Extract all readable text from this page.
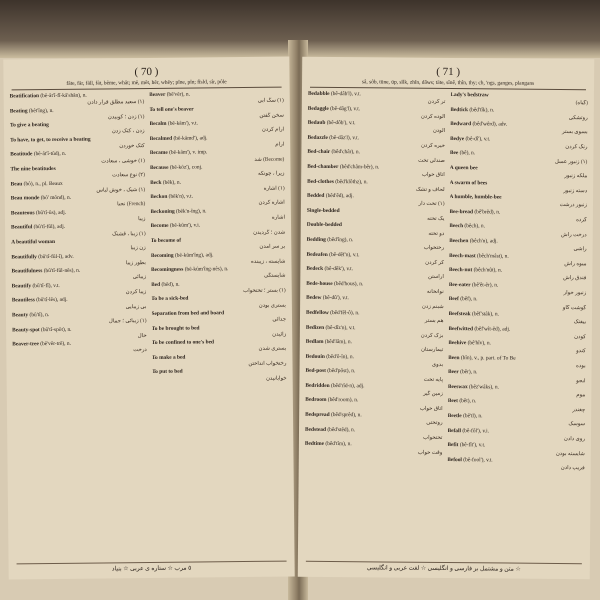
( 70 )
fâte, fâr, fâll, fât, bême, whât; mê, mêt, hêr, whêy; pîne, pîn; fîsld, sîr, pôle
Beatification (bê-ât'î-fî-kâ'shân), n.
(١) سعيد مطلق قرار دادن
Beating (bêt'îng), n.
(١) زدن ؛ کوبیدن
To give a beating
زدن ، کتک زدن
To have, to get, to receive a beating
کتک خوردن
Beatitude (bê-ât'î-tûd), n.
(١) خوشی ، سعادت
The nine beatitudes
(٢) نوع سعادت
Beau (bô), n., pl. Beaux
(١) شیک ، خوش لباس
Beau monde (bô' mônd), n.
(French) نجبا
Beauteous (bû'tî-ûs), adj.
زیبا
Beautiful (bû'tî-fûl), adj.
(١) زیبا ، قشنگ
A beautiful woman
زن زیبا
Beautifully (bû'tî-fûl-î), adv.
بطور زیبا
Beautifulness (bû'tî-fûl-nês), n.
زیبائی
Beautify (bû'tî-fî), v.t.
زیبا کردن
Beautiless (bû'tî-lês), adj.
بی زیبایی
Beauty (bû'tî), n.
(١) زیبائی ؛ جمال
Beauty-spot (bû'tî-spôt), n.
خال
Beaver-tree (bê'vêr-trê), n.
درخت
Beaver (bê'vêr), n.
(١) سگ آبی
To tell one's beaver
سخن گفتن
Becalm (bê-kâm'), v.t.
آرام کردن
Becalmed (bê-kâmd'), adj.
آرام
Became (bê-kâm'), v. imp.
(Become) شد
Because (bê-kôz'), conj.
زیرا ، چونکه
Beck (bêk), n.
(١) اشاره
Beckon (bêk'n), v.t.
اشاره کردن
Beckoning (bêk'n-îng), n.
اشاره
Become (bê-kûm'), v.i.
شدن ؛ گردیدن
To become of
بر سر آمدن
Becoming (bê-kûm'îng), adj.
شایسته ، زیبنده
Becomingness (bê-kûm'îng-nês), n.
شایستگی
Bed (bêd), n.
(١) بستر ؛ تختخواب
To be a sick-bed
بستری بودن
Separation from bed and board
جدائی
To be brought to bed
زائیدن
To be confined to one's bed
بستری شدن
To make a bed
رختخواب انداختن
To put to bed
خوابانیدن
٥ مرب ☆ ستاره ی عربی ☆ بنیاد
( 71 )
sâ, sôb, tüne, üp, sîlk, zhîn, dâws; täte, sînê, thîn, thy; ch, 'ngs, ganges, plangans
Bedabble (bê-dâb'l), v.t.
تر کردن
Bedaggle (bê-dâg'l), v.t.
آلوده کردن
Bedaub (bê-dôb'), v.t.
آلودن
Bedazzle (bê-dâz'l), v.t.
خیره کردن
Bed-chair (bêd'châr), n.
صندلی تخت
Bed-chamber (bêd'châm-bêr), n.
اتاق خواب
Bed-clothes (bêd'klôthz), n.
لحاف و تشک
Bedded (bêd'êd), adj.
(١) تخت دار
Single-bedded
یک تخته
Double-bedded
دو تخته
Bedding (bêd'îng), n.
رختخواب
Bedeafen (bê-dêf'n), v.t.
کر کردن
Bedeck (bê-dêk'), v.t.
آراستن
Bede-house (bêd'hous), n.
نوانخانه
Bedew (bê-dû'), v.t.
شبنم زدن
Bedfellow (bêd'fêl-ô), n.
هم بستر
Bedizen (bê-dîz'n), v.t.
بزک کردن
Bedlam (bêd'lâm), n.
تیمارستان
Bedouin (bêd'ô-în), n.
بدوی
Bed-post (bêd'pôst), n.
پایه تخت
Bedridden (bêd'rîd-n), adj.
زمین گیر
Bedroom (bêd'room), n.
اتاق خواب
Bedspread (bêd'sprêd), n.
روتختی
Bedstead (bêd'stêd), n.
تختخواب
Bedtime (bêd'tîm), n.
وقت خواب
Lady's bedstraw
(گیاه)
Bedtick (bêd'tîk), n.
روتشکی
Bedward (bêd'wêrd), adv.
بسوی بستر
Bedye (bê-dî'), v.t.
رنگ کردن
Bee (bê), n.
(١) زنبور عسل
A queen bee
ملکه زنبور
A swarm of bees
دسته زنبور
A humble, humble-bee
زنبور درشت
Bee-bread (bê'brêd), n.
گرده
Beech (bêch), n.
درخت راش
Beechen (bêch'n), adj.
راشی
Beech-mast (bêch'mâst), n.
میوه راش
Beech-nut (bêch'nût), n.
فندق راش
Bee-eater (bê'êt-êr), n.
زنبور خوار
Beef (bêf), n.
گوشت گاو
Beefsteak (bêf'stâk), n.
بیفتک
Beefwitted (bêf'wît-êd), adj.
کودن
Beehive (bê'hîv), n.
کندو
Been (bîn), v., p. part. of To Be
بوده
Beer (bêr), n.
آبجو
Beeswax (bêz'wâks), n.
موم
Beet (bêt), n.
چغندر
Beetle (bê'tl), n.
سوسک
Befall (bê-fôl'), v.i.
روی دادن
Befit (bê-fît'), v.t.
شایسته بودن
Befool (bê-fool'), v.t.
فریب دادن
☆ متن و مشتمل بر فارسی و انگلیسی ☆ لغت عربی و انگلیسی
